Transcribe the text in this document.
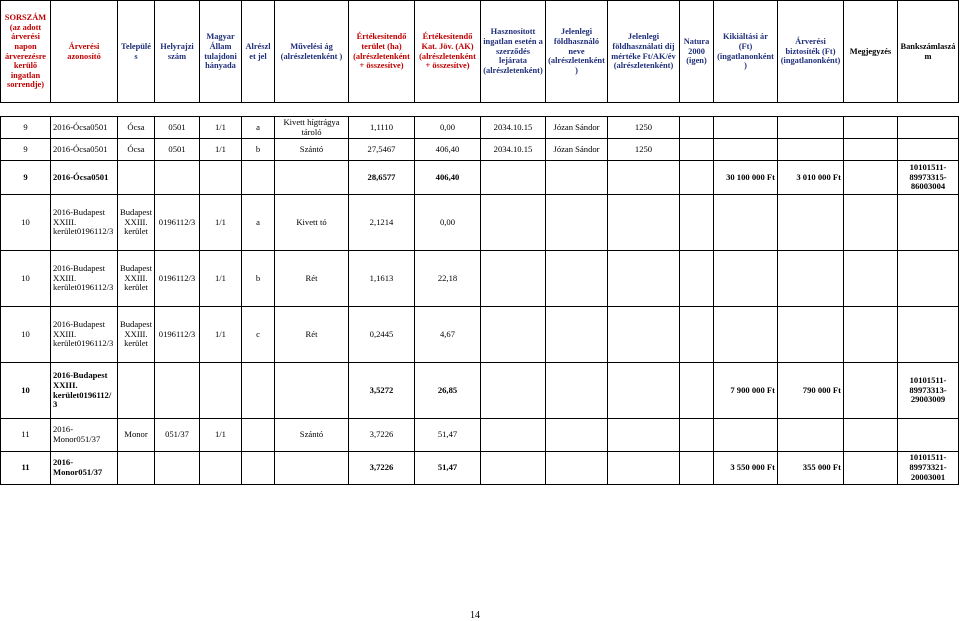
SORSZÁM (az adott árverési napon árverezésre kerülő ingatlan sorrendje)	Árverési azonosító	Település	Helyrajzi szám	Magyar Állam tulajdoni hányada	Alrészlet jel	Művelési ág (alrészletenként )	Értékesítendő terület (ha) (alrészletenként + összesítve)	Értékesítendő Kat. Jöv. (AK) (alrészletenként + összesítve)	Hasznosított ingatlan esetén a szerződés lejárata (alrészletenként)	Jelenlegi földhasználó neve (alrészletenként)	Jelenlegi földhasználati díj mértéke Ft/AK/év (alrészletenként)	Natura 2000 (igen)	Kikiáltási ár (Ft) (ingatlanonként)	Árverési biztosíték (Ft) (ingatlanonként)	Megjegyzés	Bankszámlaszám

9	2016-Ócsa0501	Ócsa	0501	1/1	a	Kivett hígtrágya tároló	1,1110	0,00	2034.10.15	Józan Sándor	1250					
9	2016-Ócsa0501	Ócsa	0501	1/1	b	Szántó	27,5467	406,40	2034.10.15	Józan Sándor	1250					
9	2016-Ócsa0501						28,6577	406,40					30 100 000 Ft	3 010 000 Ft		10101511-89973315-86003004
10	2016-Budapest XXIII. kerület0196112/3	Budapest XXIII. kerület	0196112/3	1/1	a	Kivett tó	2,1214	0,00								
10	2016-Budapest XXIII. kerület0196112/3	Budapest XXIII. kerület	0196112/3	1/1	b	Rét	1,1613	22,18								
10	2016-Budapest XXIII. kerület0196112/3	Budapest XXIII. kerület	0196112/3	1/1	c	Rét	0,2445	4,67								
10	2016-Budapest XXIII. kerület0196112/3						3,5272	26,85					7 900 000 Ft	790 000 Ft		10101511-89973313-29003009
11	2016-Monor051/37	Monor	051/37	1/1		Szántó	3,7226	51,47								
11	2016-Monor051/37						3,7226	51,47					3 550 000 Ft	355 000 Ft		10101511-89973321-20003001
14
